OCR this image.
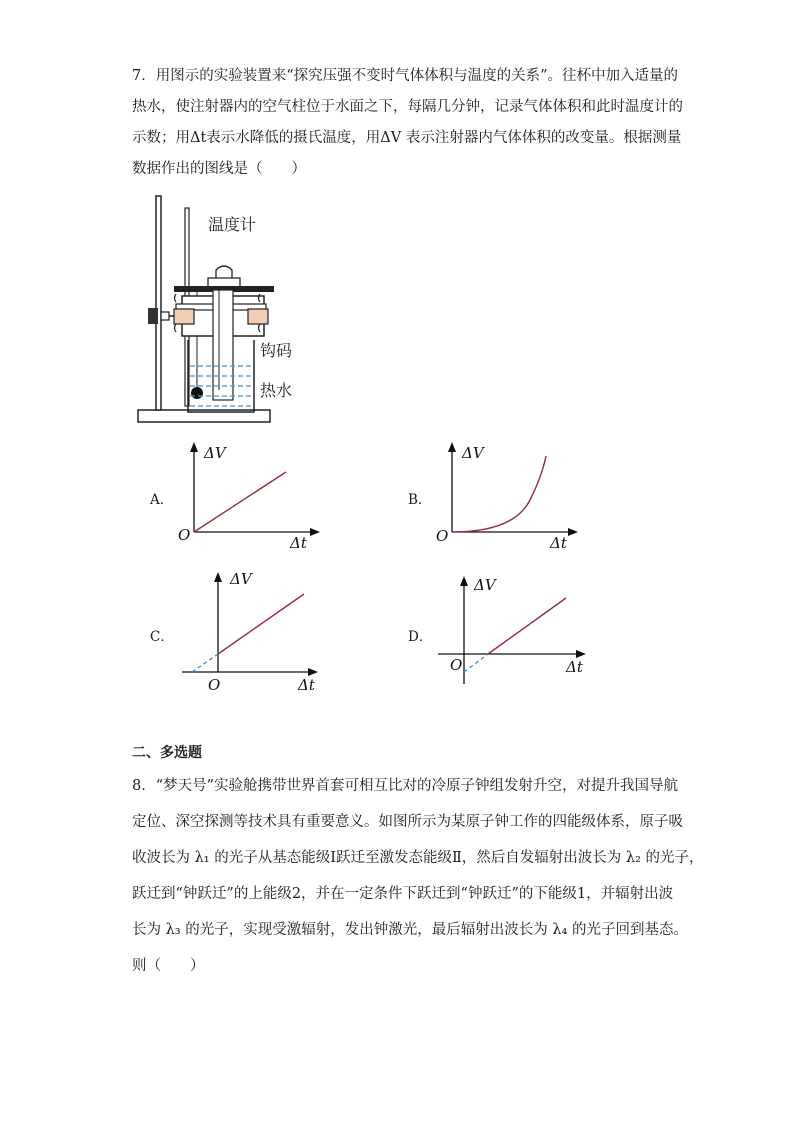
7．用图示的实验装置来“探究压强不变时气体体积与温度的关系”。往杯中加入适量的
热水，使注射器内的空气柱位于水面之下，每隔几分钟，记录气体体积和此时温度计的
示数；用Δt表示水降低的摄氏温度，用ΔV 表示注射器内气体体积的改变量。根据测量
数据作出的图线是（　　）
温度计
钩码
热水
A．
ΔV
Δt
O
B．
ΔV
Δt
O
C．
ΔV
Δt
O
D．
ΔV
Δt
O
二、多选题
8．“梦天号”实验舱携带世界首套可相互比对的冷原子钟组发射升空，对提升我国导航
定位、深空探测等技术具有重要意义。如图所示为某原子钟工作的四能级体系，原子吸
收波长为 λ₁ 的光子从基态能级Ⅰ跃迁至激发态能级Ⅱ，然后自发辐射出波长为 λ₂ 的光子，
跃迁到“钟跃迁”的上能级2，并在一定条件下跃迁到“钟跃迁”的下能级1，并辐射出波
长为 λ₃ 的光子，实现受激辐射，发出钟激光，最后辐射出波长为 λ₄ 的光子回到基态。
则（　　）
